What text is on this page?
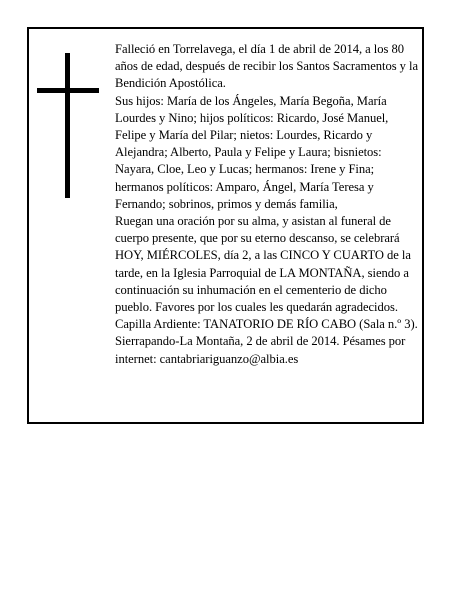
Falleció en Torrelavega, el día 1 de abril de 2014, a los 80 años de edad, después de recibir los Santos Sacramentos y la Bendición Apostólica.

Sus hijos: María de los Ángeles, María Begoña, María Lourdes y Nino; hijos políticos: Ricardo, José Manuel, Felipe y María del Pilar; nietos: Lourdes, Ricardo y Alejandra; Alberto, Paula y Felipe y Laura; bisnietos: Nayara, Cloe, Leo y Lucas; hermanos: Irene y Fina; hermanos políticos: Amparo, Ángel, María Teresa y Fernando; sobrinos, primos y demás familia,

Ruegan una oración por su alma, y asistan al funeral de cuerpo presente, que por su eterno descanso, se celebrará HOY, MIÉRCOLES, día 2, a las CINCO Y CUARTO de la tarde, en la Iglesia Parroquial de LA MONTAÑA, siendo a continuación su inhumación en el cementerio de dicho pueblo. Favores por los cuales les quedarán agradecidos. Capilla Ardiente: TANATORIO DE RÍO CABO (Sala n.º 3).

Sierrapando-La Montaña, 2 de abril de 2014. Pésames por internet: cantabriariguanzo@albia.es
